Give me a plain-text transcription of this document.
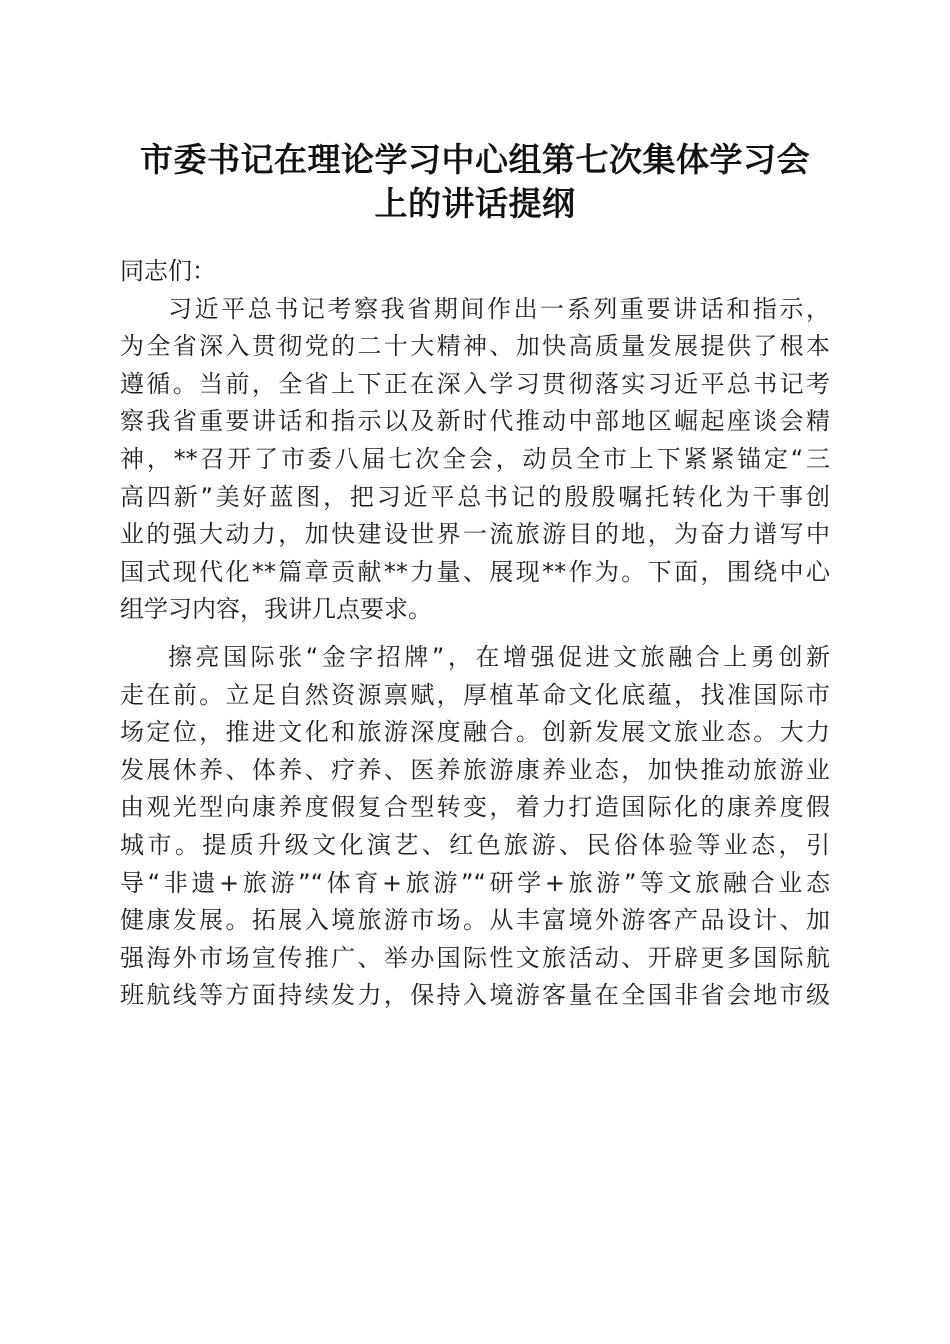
市委书记在理论学习中心组第七次集体学习会
上的讲话提纲
同志们：
习近平总书记考察我省期间作出一系列重要讲话和指示，
为全省深入贯彻党的二十大精神、加快高质量发展提供了根本
遵循。当前，全省上下正在深入学习贯彻落实习近平总书记考
察我省重要讲话和指示以及新时代推动中部地区崛起座谈会精
神，**召开了市委八届七次全会，动员全市上下紧紧锚定“三
高四新”美好蓝图，把习近平总书记的殷殷嘱托转化为干事创
业的强大动力，加快建设世界一流旅游目的地，为奋力谱写中
国式现代化**篇章贡献**力量、展现**作为。下面，围绕中心
组学习内容，我讲几点要求。
擦亮国际张“金字招牌”，在增强促进文旅融合上勇创新
走在前。立足自然资源禀赋，厚植革命文化底蕴，找准国际市
场定位，推进文化和旅游深度融合。创新发展文旅业态。大力
发展休养、体养、疗养、医养旅游康养业态，加快推动旅游业
由观光型向康养度假复合型转变，着力打造国际化的康养度假
城市。提质升级文化演艺、红色旅游、民俗体验等业态，引
导“非遗+旅游”“体育+旅游”“研学+旅游”等文旅融合业态
健康发展。拓展入境旅游市场。从丰富境外游客产品设计、加
强海外市场宣传推广、举办国际性文旅活动、开辟更多国际航
班航线等方面持续发力，保持入境游客量在全国非省会地市级
